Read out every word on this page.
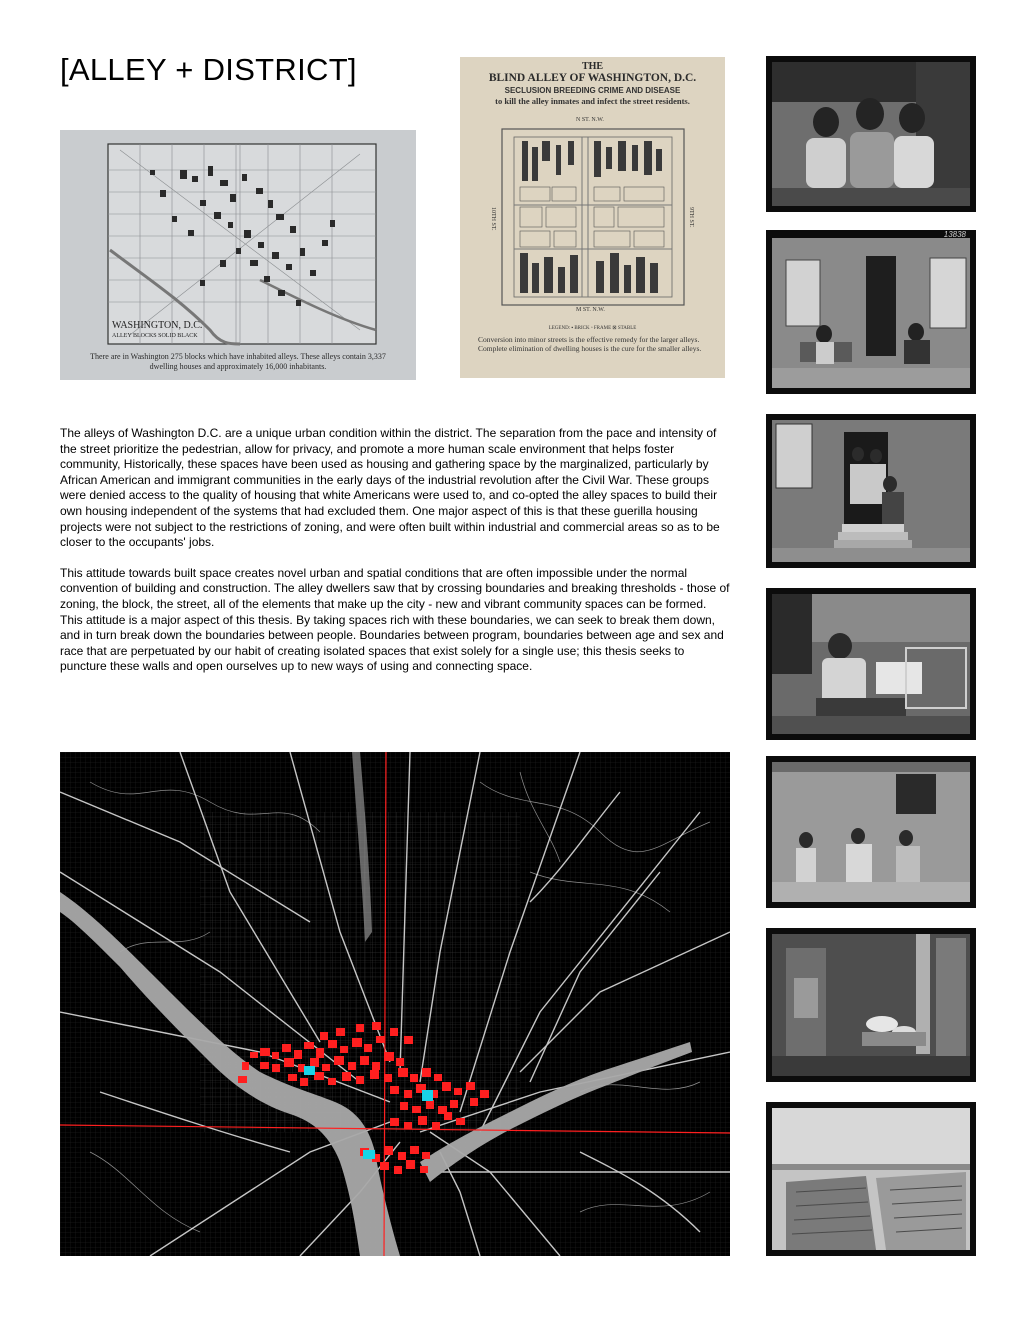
[ALLEY + DISTRICT]
WASHINGTON, D.C.
ALLEY BLOCKS SOLID BLACK
There are in Washington 275 blocks which have inhabited alleys. These alleys contain 3,337
dwelling houses and approximately 16,000 inhabitants.
THE
BLIND ALLEY OF WASHINGTON, D.C.
SECLUSION BREEDING CRIME AND DISEASE
to kill the alley inmates and infect the street residents.
N ST. N.W.
M ST. N.W.
10TH ST.	9TH ST.
LEGEND: ▪ BRICK ▫ FRAME ⊠ STABLE
Conversion into minor streets is the effective remedy for the larger alleys.
Complete elimination of dwelling houses is the cure for the smaller alleys.

The alleys of Washington D.C. are a unique urban condition within the district. The separation from the pace and intensity of the street prioritize the pedestrian, allow for privacy, and promote a more human scale environment that helps foster community, Historically, these spaces have been used as housing and gathering space by the marginalized, particularly by African American and immigrant communities in the early days of the industrial revolution after the Civil War. These groups were denied access to the quality of housing that white Americans were used to, and co-opted the alley spaces to build their own housing independent of the systems that had excluded them. One major aspect of this is that these guerilla housing projects were not subject to the restrictions of zoning, and were often built within industrial and commercial areas so as to be closer to the occupants' jobs.

This attitude towards built space creates novel urban and spatial conditions that are often impossible under the normal convention of building and construction. The alley dwellers saw that by crossing boundaries and breaking thresholds - those of zoning, the block, the street, all of the elements that make up the city - new and vibrant community spaces can be formed. This attitude is a major aspect of this thesis. By taking spaces rich with these boundaries, we can seek to break them down, and in turn break down the boundaries between people. Boundaries between program, boundaries between age and sex and race that are perpetuated by our habit of creating isolated spaces that exist solely for a single use; this thesis seeks to puncture these walls and open ourselves up to new ways of using and connecting space.

13838
